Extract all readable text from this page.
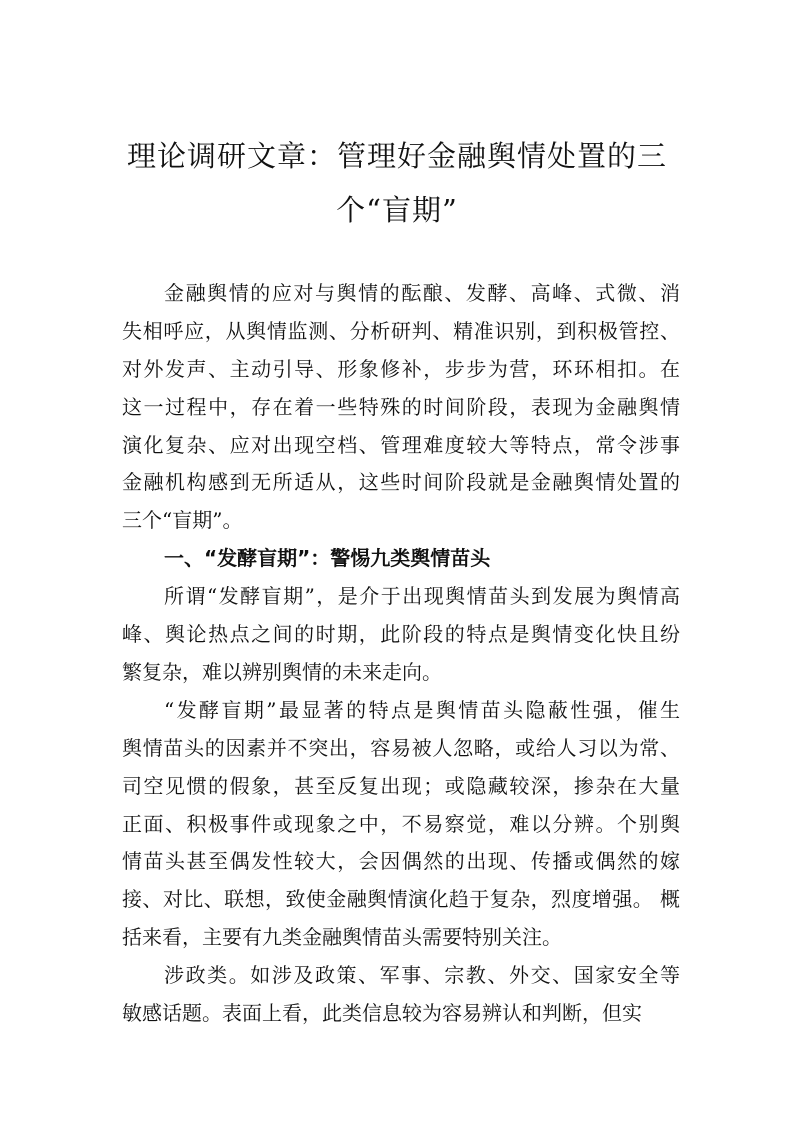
理论调研文章：管理好金融舆情处置的三
个“盲期”
金融舆情的应对与舆情的酝酿、发酵、高峰、式微、消
失相呼应，从舆情监测、分析研判、精准识别，到积极管控、
对外发声、主动引导、形象修补，步步为营，环环相扣。在
这一过程中，存在着一些特殊的时间阶段，表现为金融舆情
演化复杂、应对出现空档、管理难度较大等特点，常令涉事
金融机构感到无所适从，这些时间阶段就是金融舆情处置的
三个“盲期”。
一、“发酵盲期”：警惕九类舆情苗头
所谓“发酵盲期”，是介于出现舆情苗头到发展为舆情高
峰、舆论热点之间的时期，此阶段的特点是舆情变化快且纷
繁复杂，难以辨别舆情的未来走向。
“发酵盲期”最显著的特点是舆情苗头隐蔽性强，催生
舆情苗头的因素并不突出，容易被人忽略，或给人习以为常、
司空见惯的假象，甚至反复出现；或隐藏较深，掺杂在大量
正面、积极事件或现象之中，不易察觉，难以分辨。个别舆
情苗头甚至偶发性较大，会因偶然的出现、传播或偶然的嫁
接、对比、联想，致使金融舆情演化趋于复杂，烈度增强。 概
括来看，主要有九类金融舆情苗头需要特别关注。
涉政类。如涉及政策、军事、宗教、外交、国家安全等
敏感话题。表面上看，此类信息较为容易辨认和判断，但实
